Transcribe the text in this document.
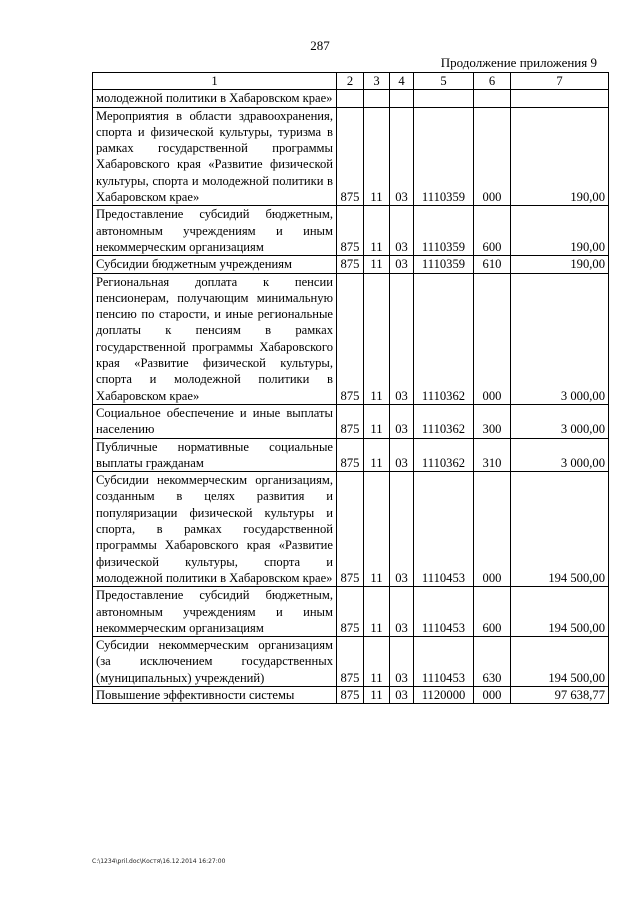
287
Продолжение приложения 9
1	2	3	4	5	6	7
молодежной политики в Хабаровском крае»						
Мероприятия в области здравоохранения, спорта и физической культуры, туризма в рамках государственной программы Хабаровского края «Развитие физической культуры, спорта и молодежной политики в Хабаровском крае»	875	11	03	1110359	000	190,00
Предоставление субсидий бюджетным, автономным учреждениям и иным некоммерческим организациям	875	11	03	1110359	600	190,00
Субсидии бюджетным учреждениям	875	11	03	1110359	610	190,00
Региональная доплата к пенсии пенсионерам, получающим минимальную пенсию по старости, и иные региональные доплаты к пенсиям в рамках государственной программы Хабаровского края «Развитие физической культуры, спорта и молодежной политики в Хабаровском крае»	875	11	03	1110362	000	3 000,00
Социальное обеспечение и иные выплаты населению	875	11	03	1110362	300	3 000,00
Публичные нормативные социальные выплаты гражданам	875	11	03	1110362	310	3 000,00
Субсидии некоммерческим организациям, созданным в целях развития и популяризации физической культуры и спорта, в рамках государственной программы Хабаровского края «Развитие физической культуры, спорта и молодежной политики в Хабаровском крае»	875	11	03	1110453	000	194 500,00
Предоставление субсидий бюджетным, автономным учреждениям и иным некоммерческим организациям	875	11	03	1110453	600	194 500,00
Субсидии некоммерческим организациям (за исключением государственных (муниципальных) учреждений)	875	11	03	1110453	630	194 500,00
Повышение эффективности системы	875	11	03	1120000	000	97 638,77
C:\1234\pril.doc\Костя\16.12.2014 16:27:00
